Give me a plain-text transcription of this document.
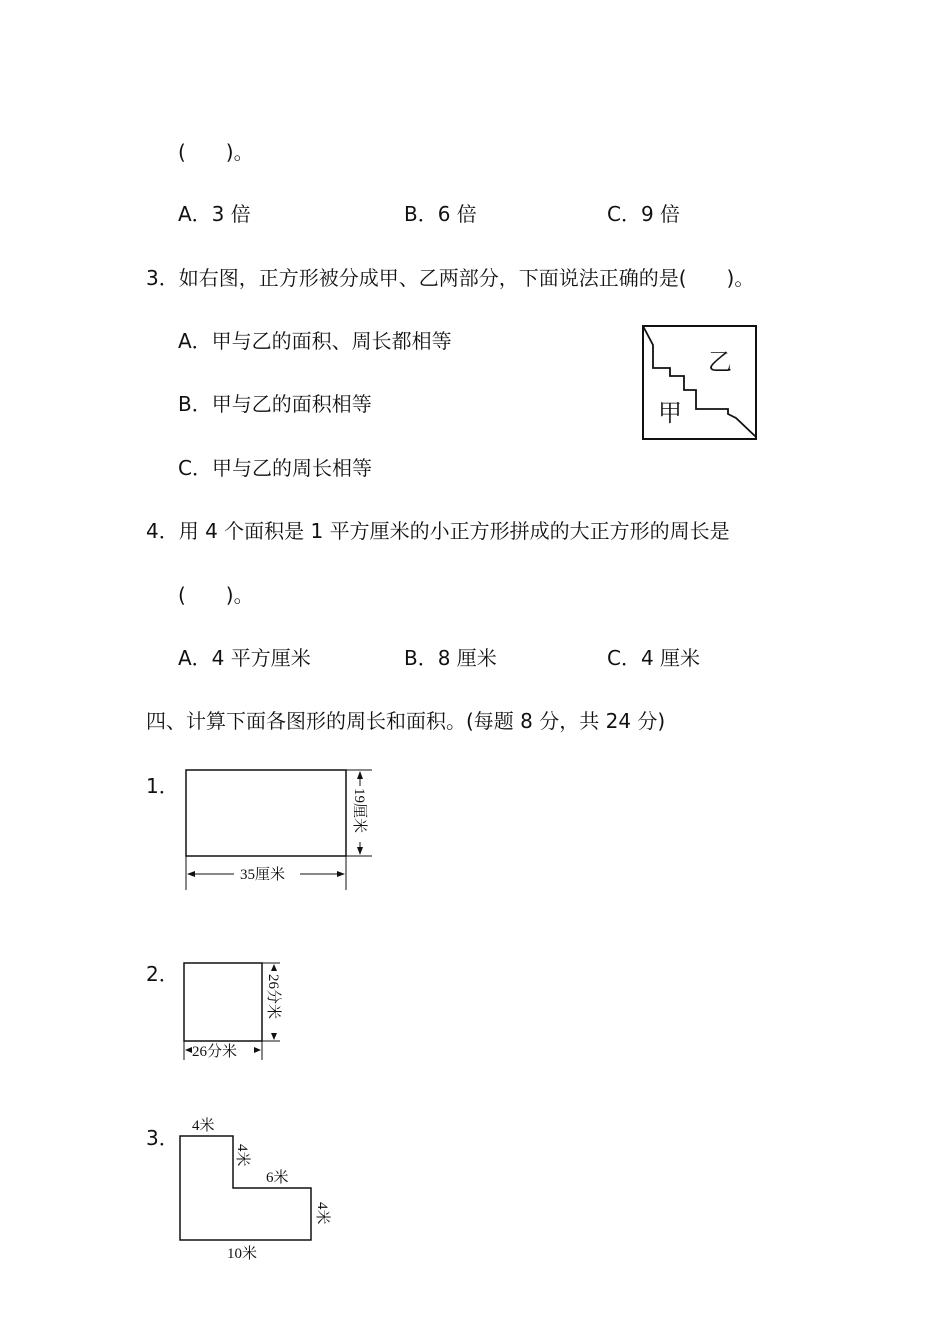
(　　)。
A．3 倍	B．6 倍	C．9 倍
3．如右图，正方形被分成甲、乙两部分，下面说法正确的是(　　)。
A．甲与乙的面积、周长都相等
B．甲与乙的面积相等
C．甲与乙的周长相等
乙
甲
4．用 4 个面积是 1 平方厘米的小正方形拼成的大正方形的周长是
(　　)。
A．4 平方厘米	B．8 厘米	C．4 厘米
四、计算下面各图形的周长和面积。(每题 8 分，共 24 分)
1．
35厘米
19厘米
2．
26分米
26分米
3． 4米
4米
6米
4米
10米
